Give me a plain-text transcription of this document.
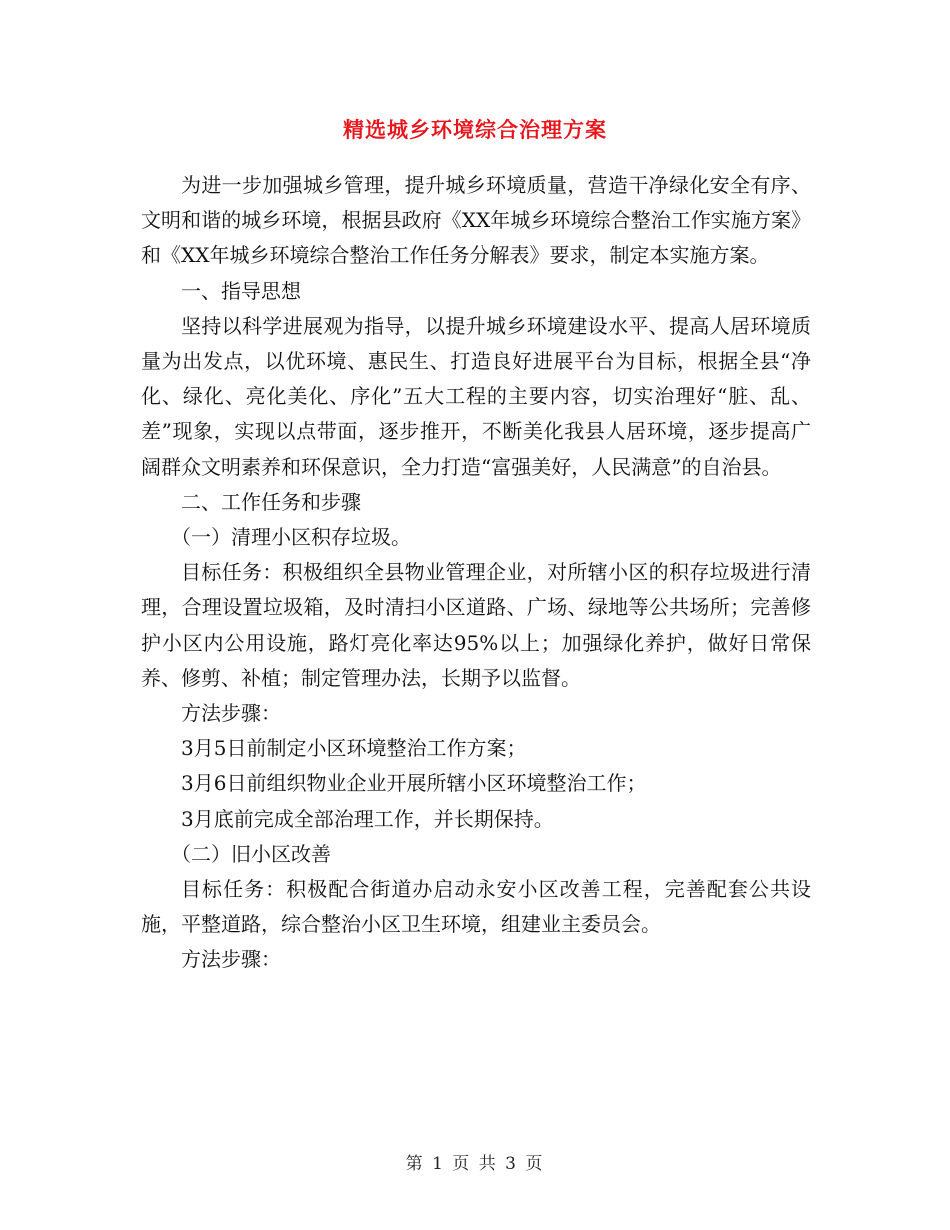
精选城乡环境综合治理方案

为进一步加强城乡管理，提升城乡环境质量，营造干净绿化安全有序、文明和谐的城乡环境，根据县政府《XX年城乡环境综合整治工作实施方案》和《XX年城乡环境综合整治工作任务分解表》要求，制定本实施方案。

一、指导思想

坚持以科学进展观为指导，以提升城乡环境建设水平、提高人居环境质量为出发点，以优环境、惠民生、打造良好进展平台为目标，根据全县“净化、绿化、亮化美化、序化”五大工程的主要内容，切实治理好“脏、乱、差”现象，实现以点带面，逐步推开，不断美化我县人居环境，逐步提高广阔群众文明素养和环保意识，全力打造“富强美好，人民满意”的自治县。

二、工作任务和步骤

（一）清理小区积存垃圾。

目标任务：积极组织全县物业管理企业，对所辖小区的积存垃圾进行清理，合理设置垃圾箱，及时清扫小区道路、广场、绿地等公共场所；完善修护小区内公用设施，路灯亮化率达95%以上；加强绿化养护，做好日常保养、修剪、补植；制定管理办法，长期予以监督。

方法步骤：

3月5日前制定小区环境整治工作方案；

3月6日前组织物业企业开展所辖小区环境整治工作；

3月底前完成全部治理工作，并长期保持。

（二）旧小区改善

目标任务：积极配合街道办启动永安小区改善工程，完善配套公共设施，平整道路，综合整治小区卫生环境，组建业主委员会。

方法步骤：

第 1 页 共 3 页
